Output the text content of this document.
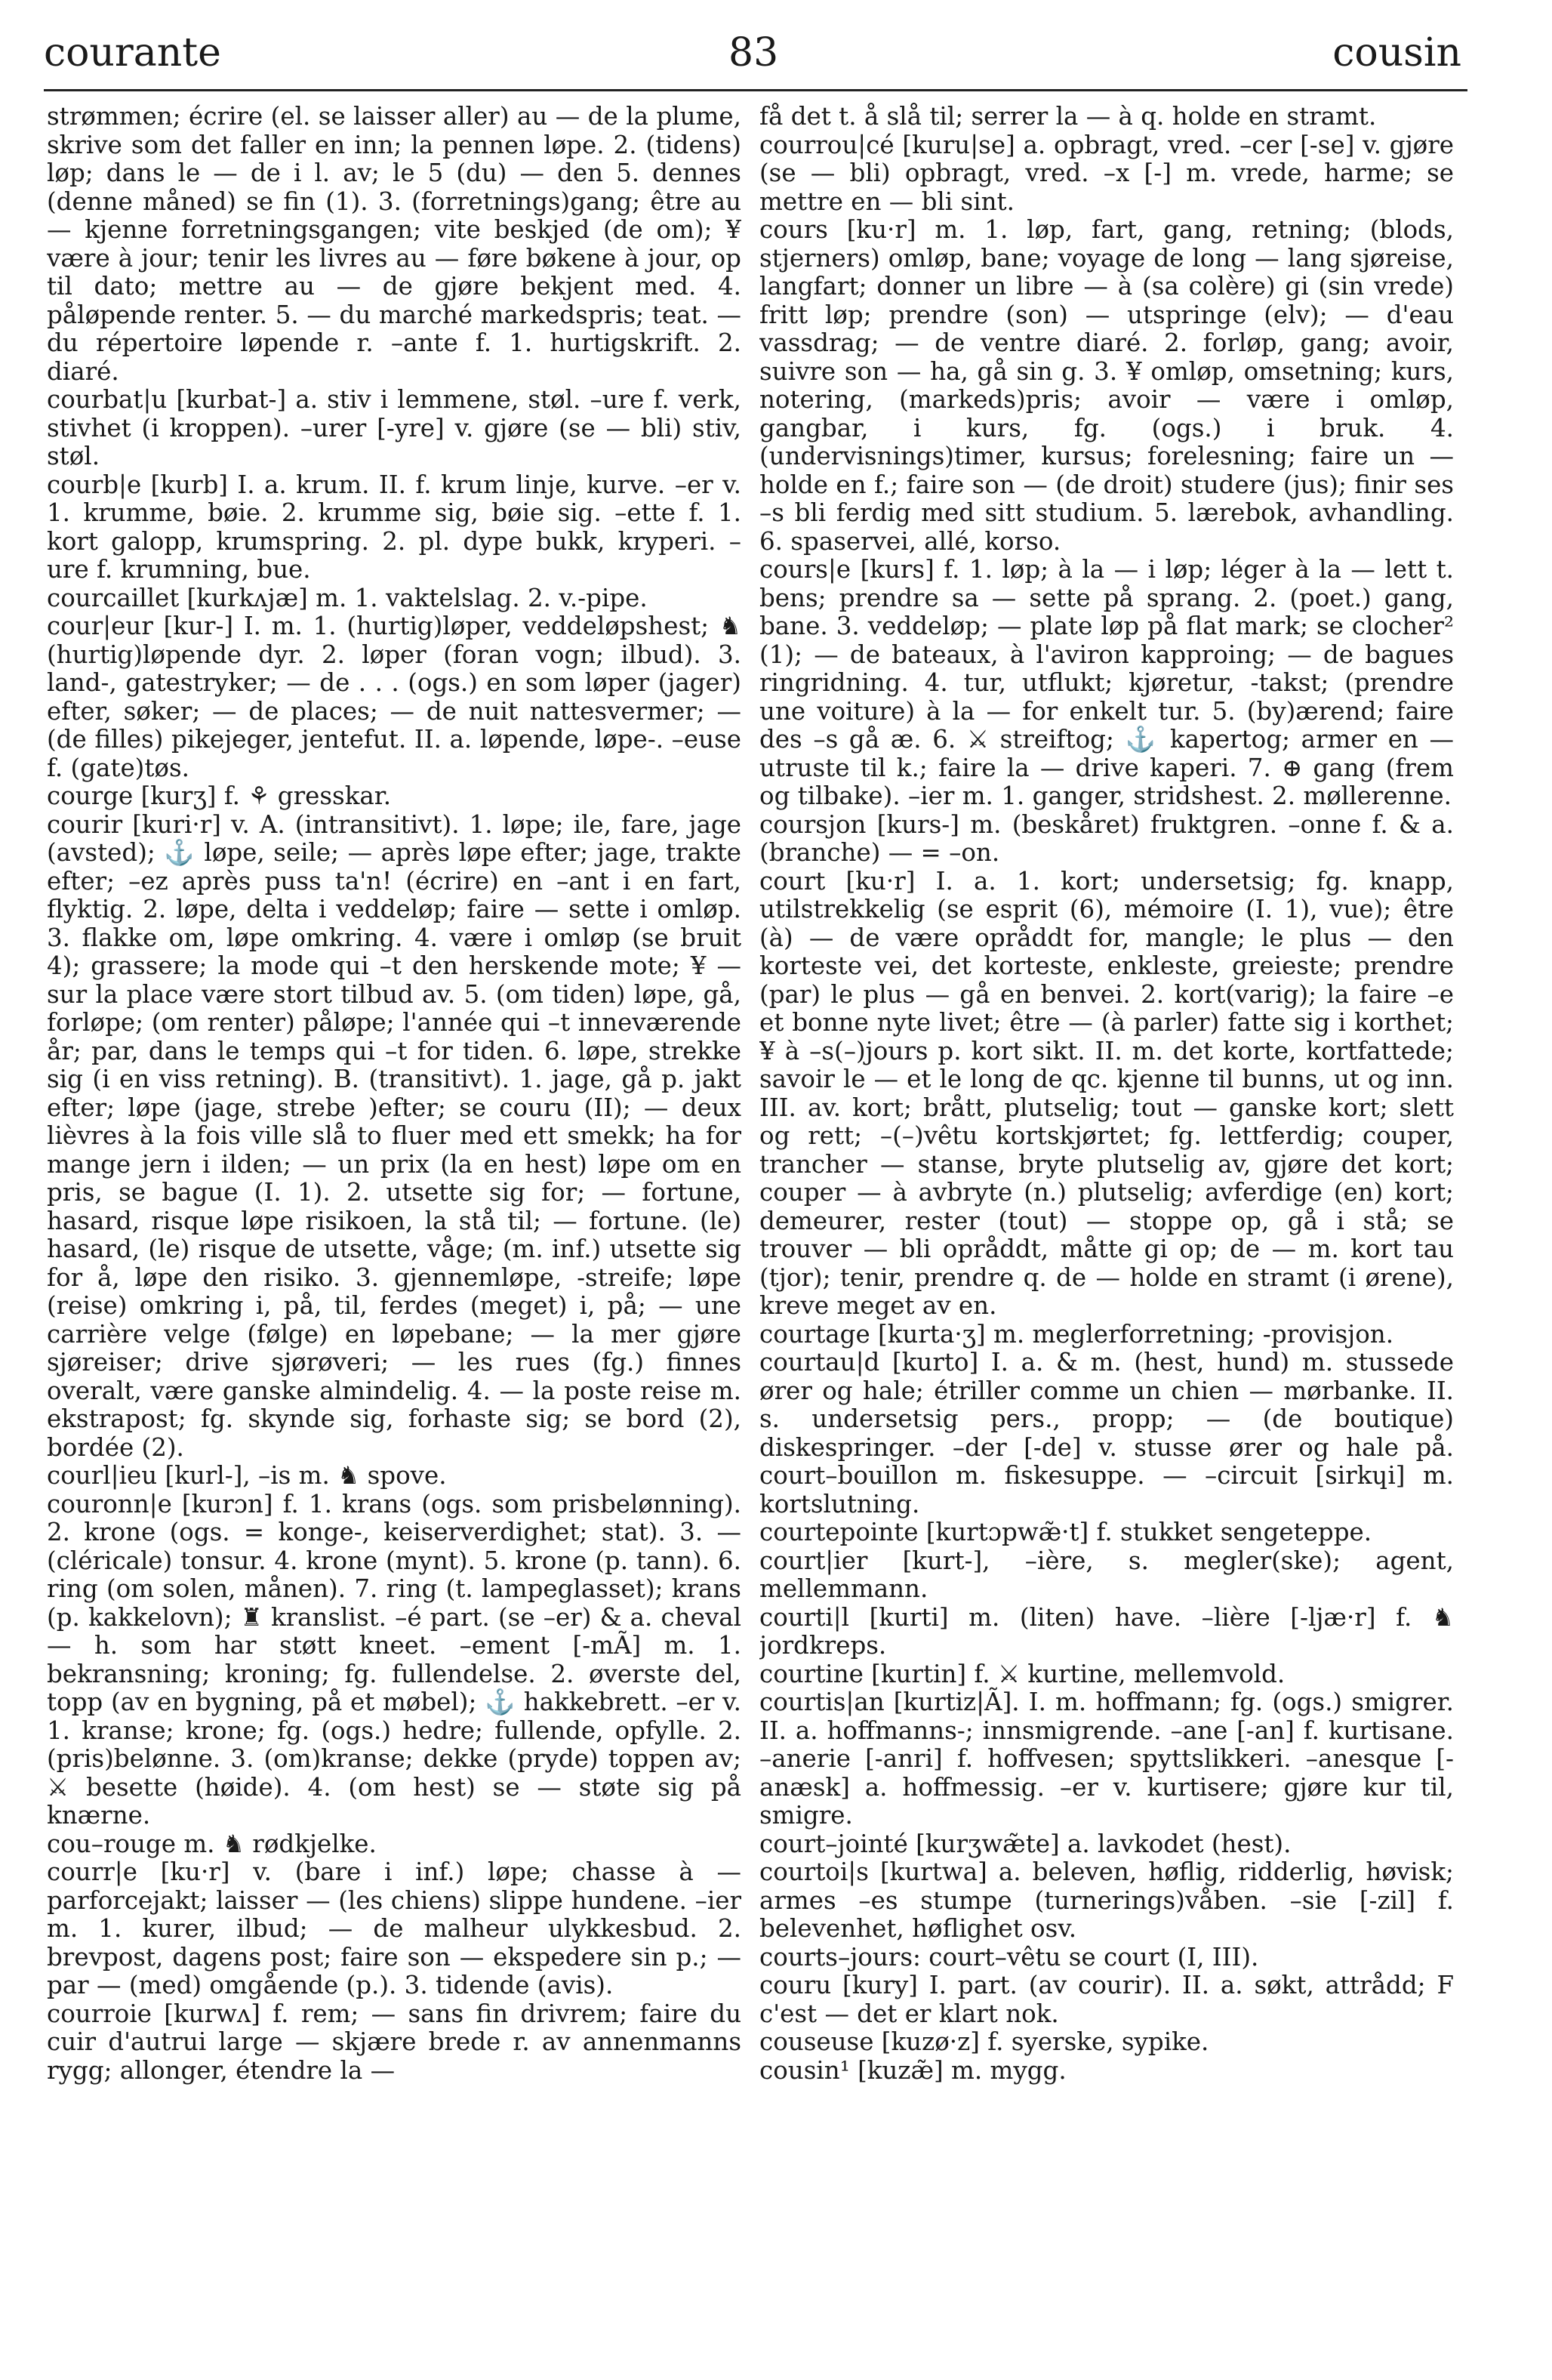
courante	83	cousin

strømmen; écrire (el. se laisser aller) au — de la plume, skrive som det faller en inn; la pennen løpe. 2. (tidens) løp; dans le — de i l. av; le 5 (du) — den 5. dennes (denne måned) se fin (1). 3. (forretnings)gang; être au — kjenne forretningsgangen; vite beskjed (de om); ¥ være à jour; tenir les livres au — føre bøkene à jour, op til dato; mettre au — de gjøre bekjent med. 4. påløpende renter. 5. — du marché markedspris; teat. — du répertoire løpende r. –ante f. 1. hurtigskrift. 2. diaré.

courbat|u [kurbat-] a. stiv i lemmene, støl. –ure f. verk, stivhet (i kroppen). –urer [-yre] v. gjøre (se — bli) stiv, støl.

courb|e [kurb] I. a. krum. II. f. krum linje, kurve. –er v. 1. krumme, bøie. 2. krumme sig, bøie sig. –ette f. 1. kort galopp, krumspring. 2. pl. dype bukk, kryperi. –ure f. krumning, bue.

courcaillet [kurkʌjæ] m. 1. vaktelslag. 2. v.-pipe.

cour|eur [kur-] I. m. 1. (hurtig)løper, veddeløpshest; ♞ (hurtig)løpende dyr. 2. løper (foran vogn; ilbud). 3. land-, gatestryker; — de . . . (ogs.) en som løper (jager) efter, søker; — de places; — de nuit nattesvermer; — (de filles) pikejeger, jentefut. II. a. løpende, løpe-. –euse f. (gate)tøs.

courge [kurʒ] f. ⚘ gresskar.

courir [kuri·r] v. A. (intransitivt). 1. løpe; ile, fare, jage (avsted); ⚓ løpe, seile; — après løpe efter; jage, trakte efter; –ez après puss ta'n! (écrire) en –ant i en fart, flyktig. 2. løpe, delta i veddeløp; faire — sette i omløp. 3. flakke om, løpe omkring. 4. være i omløp (se bruit 4); grassere; la mode qui –t den herskende mote; ¥ — sur la place være stort tilbud av. 5. (om tiden) løpe, gå, forløpe; (om renter) påløpe; l'année qui –t inneværende år; par, dans le temps qui –t for tiden. 6. løpe, strekke sig (i en viss retning). B. (transitivt). 1. jage, gå p. jakt efter; løpe (jage, strebe )efter; se couru (II); — deux lièvres à la fois ville slå to fluer med ett smekk; ha for mange jern i ilden; — un prix (la en hest) løpe om en pris, se bague (I. 1). 2. utsette sig for; — fortune, hasard, risque løpe risikoen, la stå til; — fortune. (le) hasard, (le) risque de utsette, våge; (m. inf.) utsette sig for å, løpe den risiko. 3. gjennemløpe, -streife; løpe (reise) omkring i, på, til, ferdes (meget) i, på; — une carrière velge (følge) en løpebane; — la mer gjøre sjøreiser; drive sjørøveri; — les rues (fg.) finnes overalt, være ganske almindelig. 4. — la poste reise m. ekstrapost; fg. skynde sig, forhaste sig; se bord (2), bordée (2).

courl|ieu [kurl-], –is m. ♞ spove.

couronn|e [kurɔn] f. 1. krans (ogs. som prisbelønning). 2. krone (ogs. = konge-, keiserverdighet; stat). 3. — (cléricale) tonsur. 4. krone (mynt). 5. krone (p. tann). 6. ring (om solen, månen). 7. ring (t. lampeglasset); krans (p. kakkelovn); ♜ kranslist. –é part. (se –er) & a. cheval — h. som har støtt kneet. –ement [-mÃ] m. 1. bekransning; kroning; fg. fullendelse. 2. øverste del, topp (av en bygning, på et møbel); ⚓ hakkebrett. –er v. 1. kranse; krone; fg. (ogs.) hedre; fullende, opfylle. 2. (pris)belønne. 3. (om)kranse; dekke (pryde) toppen av; ⚔ besette (høide). 4. (om hest) se — støte sig på knærne.

cou–rouge m. ♞ rødkjelke.

courr|e [ku·r] v. (bare i inf.) løpe; chasse à — parforcejakt; laisser — (les chiens) slippe hundene. –ier m. 1. kurer, ilbud; — de malheur ulykkesbud. 2. brevpost, dagens post; faire son — ekspedere sin p.; — par — (med) omgående (p.). 3. tidende (avis).

courroie [kurwʌ] f. rem; — sans fin drivrem; faire du cuir d'autrui large — skjære brede r. av annenmanns rygg; allonger, étendre la —

få det t. å slå til; serrer la — à q. holde en stramt.

courrou|cé [kuru|se] a. opbragt, vred. –cer [-se] v. gjøre (se — bli) opbragt, vred. –x [-] m. vrede, harme; se mettre en — bli sint.

cours [ku·r] m. 1. løp, fart, gang, retning; (blods, stjerners) omløp, bane; voyage de long — lang sjøreise, langfart; donner un libre — à (sa colère) gi (sin vrede) fritt løp; prendre (son) — utspringe (elv); — d'eau vassdrag; — de ventre diaré. 2. forløp, gang; avoir, suivre son — ha, gå sin g. 3. ¥ omløp, omsetning; kurs, notering, (markeds)pris; avoir — være i omløp, gangbar, i kurs, fg. (ogs.) i bruk. 4. (undervisnings)timer, kursus; forelesning; faire un — holde en f.; faire son — (de droit) studere (jus); finir ses –s bli ferdig med sitt studium. 5. lærebok, avhandling. 6. spaservei, allé, korso.

cours|e [kurs] f. 1. løp; à la — i løp; léger à la — lett t. bens; prendre sa — sette på sprang. 2. (poet.) gang, bane. 3. veddeløp; — plate løp på flat mark; se clocher² (1); — de bateaux, à l'aviron kapproing; — de bagues ringridning. 4. tur, utflukt; kjøretur, -takst; (prendre une voiture) à la — for enkelt tur. 5. (by)ærend; faire des –s gå æ. 6. ⚔ streiftog; ⚓ kapertog; armer en — utruste til k.; faire la — drive kaperi. 7. ⊕ gang (frem og tilbake). –ier m. 1. ganger, stridshest. 2. møllerenne.

coursjon [kurs-] m. (beskåret) fruktgren. –onne f. & a. (branche) — = –on.

court [ku·r] I. a. 1. kort; undersetsig; fg. knapp, utilstrekkelig (se esprit (6), mémoire (I. 1), vue); être (à) — de være opråddt for, mangle; le plus — den korteste vei, det korteste, enkleste, greieste; prendre (par) le plus — gå en benvei. 2. kort(varig); la faire –e et bonne nyte livet; être — (à parler) fatte sig i korthet; ¥ à –s(–)jours p. kort sikt. II. m. det korte, kortfattede; savoir le — et le long de qc. kjenne til bunns, ut og inn. III. av. kort; brått, plutselig; tout — ganske kort; slett og rett; –(–)vêtu kortskjørtet; fg. lettferdig; couper, trancher — stanse, bryte plutselig av, gjøre det kort; couper — à avbryte (n.) plutselig; avferdige (en) kort; demeurer, rester (tout) — stoppe op, gå i stå; se trouver — bli opråddt, måtte gi op; de — m. kort tau (tjor); tenir, prendre q. de — holde en stramt (i ørene), kreve meget av en.

courtage [kurta·ʒ] m. meglerforretning; -provisjon.

courtau|d [kurto] I. a. & m. (hest, hund) m. stussede ører og hale; étriller comme un chien — mørbanke. II. s. undersetsig pers., propp; — (de boutique) diskespringer. –der [-de] v. stusse ører og hale på. court–bouillon m. fiskesuppe. — –circuit [sirkɥi] m. kortslutning.

courtepointe [kurtɔpwæ̃·t] f. stukket sengeteppe.

court|ier [kurt-], –ière, s. megler(ske); agent, mellemmann.

courti|l [kurti] m. (liten) have. –lière [-ljæ·r] f. ♞ jordkreps.

courtine [kurtin] f. ⚔ kurtine, mellemvold.

courtis|an [kurtiz|Ã]. I. m. hoffmann; fg. (ogs.) smigrer. II. a. hoffmanns-; innsmigrende. –ane [-an] f. kurtisane. –anerie [-anri] f. hoffvesen; spyttslikkeri. –anesque [-anæsk] a. hoffmessig. –er v. kurtisere; gjøre kur til, smigre.

court–jointé [kurʒwæ̃te] a. lavkodet (hest).

courtoi|s [kurtwa] a. beleven, høflig, ridderlig, høvisk; armes –es stumpe (turnerings)våben. –sie [-zil] f. belevenhet, høflighet osv.

courts–jours: court–vêtu se court (I, III).

couru [kury] I. part. (av courir). II. a. søkt, attrådd; F c'est — det er klart nok.

couseuse [kuzø·z] f. syerske, sypike.

cousin¹ [kuzæ̃] m. mygg.
